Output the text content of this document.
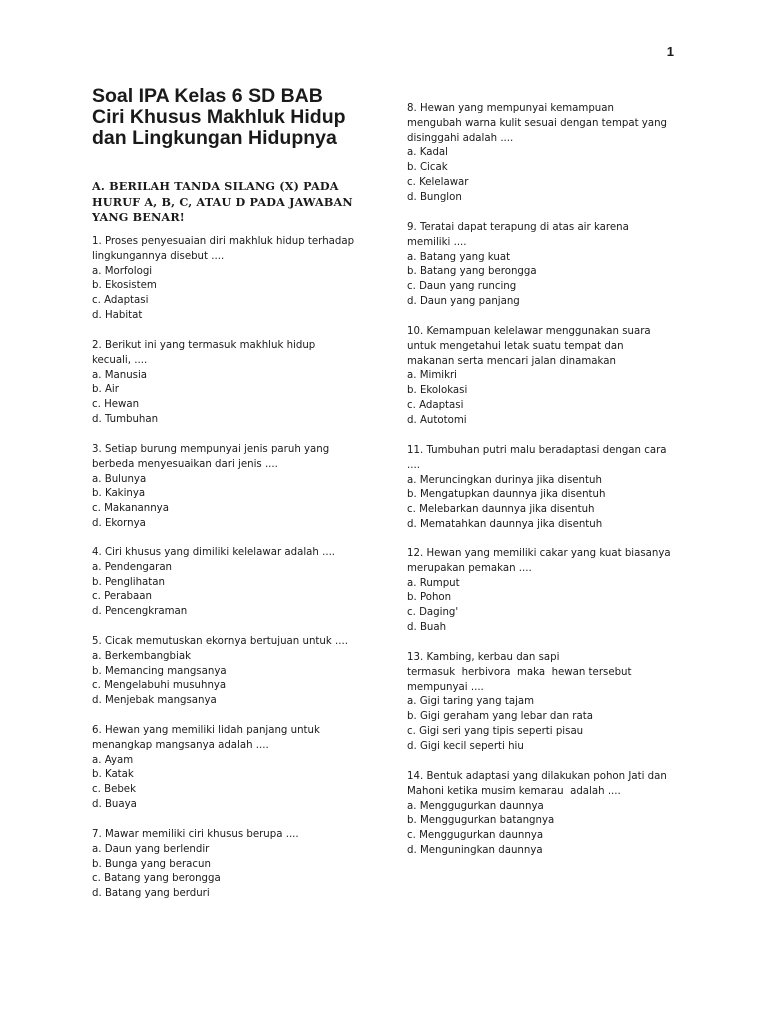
1
Soal IPA Kelas 6 SD BAB
Ciri Khusus Makhluk Hidup
dan Lingkungan Hidupnya
A. BERILAH TANDA SILANG (X) PADA
HURUF A, B, C, ATAU D PADA JAWABAN
YANG BENAR!

1. Proses penyesuaian diri makhluk hidup terhadap

lingkungannya disebut ....

a. Morfologi

b. Ekosistem

c. Adaptasi

d. Habitat

2. Berikut ini yang termasuk makhluk hidup

kecuali, ....

a. Manusia

b. Air

c. Hewan

d. Tumbuhan

3. Setiap burung mempunyai jenis paruh yang

berbeda menyesuaikan dari jenis ....

a. Bulunya

b. Kakinya

c. Makanannya

d. Ekornya

4. Ciri khusus yang dimiliki kelelawar adalah ....

a. Pendengaran

b. Penglihatan

c. Perabaan

d. Pencengkraman

5. Cicak memutuskan ekornya bertujuan untuk ....

a. Berkembangbiak

b. Memancing mangsanya

c. Mengelabuhi musuhnya

d. Menjebak mangsanya

6. Hewan yang memiliki lidah panjang untuk

menangkap mangsanya adalah ....

a. Ayam

b. Katak

c. Bebek

d. Buaya

7. Mawar memiliki ciri khusus berupa ....

a. Daun yang berlendir

b. Bunga yang beracun

c. Batang yang berongga

d. Batang yang berduri

8. Hewan yang mempunyai kemampuan

mengubah warna kulit sesuai dengan tempat yang

disinggahi adalah ....

a. Kadal

b. Cicak

c. Kelelawar

d. Bunglon

9. Teratai dapat terapung di atas air karena

memiliki ....

a. Batang yang kuat

b. Batang yang berongga

c. Daun yang runcing

d. Daun yang panjang

10. Kemampuan kelelawar menggunakan suara

untuk mengetahui letak suatu tempat dan

makanan serta mencari jalan dinamakan

a. Mimikri

b. Ekolokasi

c. Adaptasi

d. Autotomi

11. Tumbuhan putri malu beradaptasi dengan cara

....

a. Meruncingkan durinya jika disentuh

b. Mengatupkan daunnya jika disentuh

c. Melebarkan daunnya jika disentuh

d. Mematahkan daunnya jika disentuh

12. Hewan yang memiliki cakar yang kuat biasanya

merupakan pemakan ....

a. Rumput

b. Pohon

c. Daging'

d. Buah

13. Kambing, kerbau dan sapi

termasuk  herbivora  maka  hewan tersebut

mempunyai ....

a. Gigi taring yang tajam

b. Gigi geraham yang lebar dan rata

c. Gigi seri yang tipis seperti pisau

d. Gigi kecil seperti hiu

14. Bentuk adaptasi yang dilakukan pohon Jati dan

Mahoni ketika musim kemarau  adalah ....

a. Menggugurkan daunnya

b. Menggugurkan batangnya

c. Menggugurkan daunnya

d. Menguningkan daunnya
